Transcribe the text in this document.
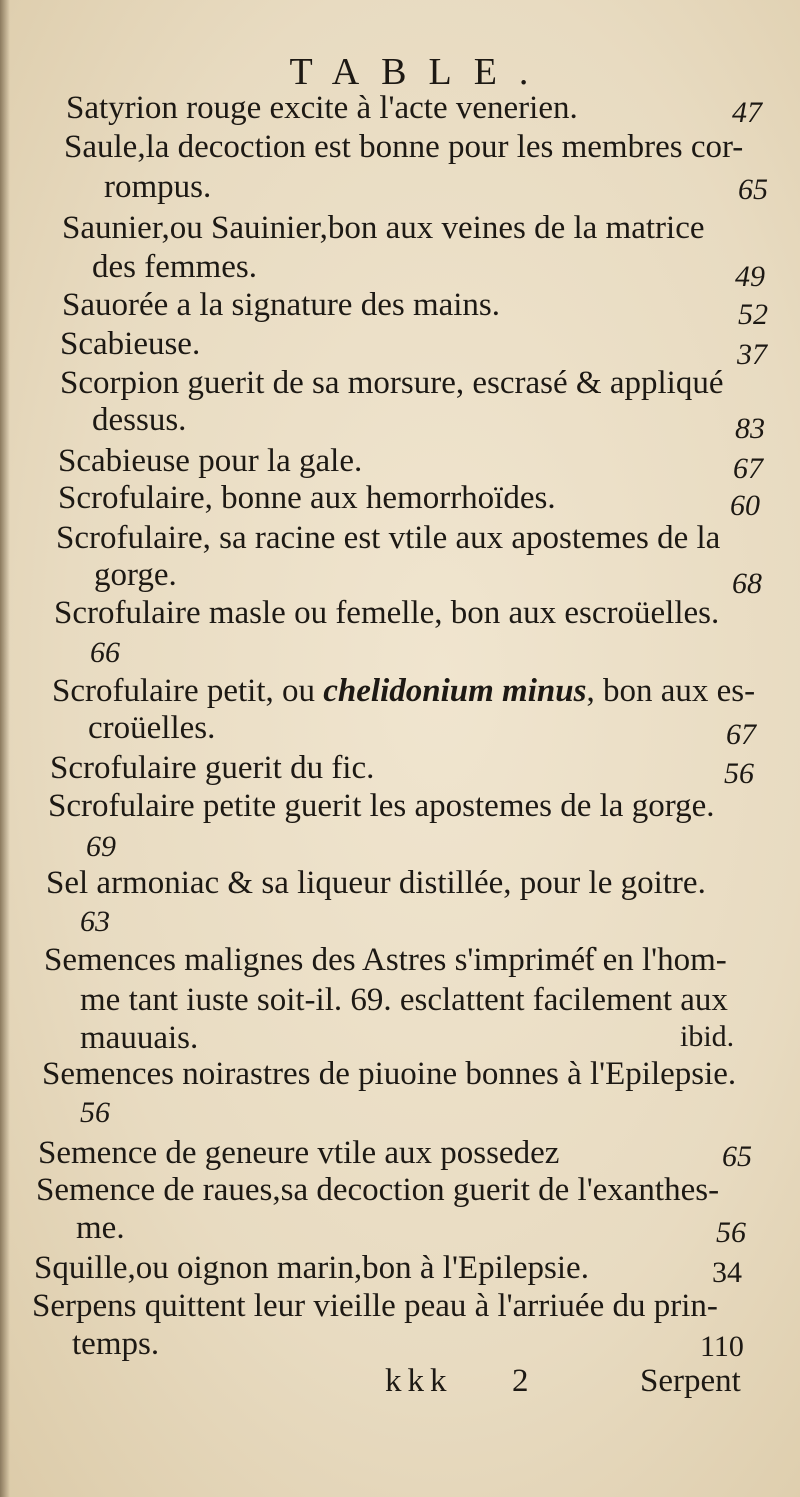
TABLE.
Satyrion rouge excite à l'acte venerien.	47
Saule,la decoction est bonne pour les membres cor-
rompus.	65
Saunier,ou Sauinier,bon aux veines de la matrice
des femmes.	49
Sauorée a la signature des mains.	52
Scabieuse.	37
Scorpion guerit de sa morsure, escrasé & appliqué
dessus.	83
Scabieuse pour la gale.	67
Scrofulaire, bonne aux hemorrhoïdes.	60
Scrofulaire, sa racine est vtile aux apostemes de la
gorge.	68
Scrofulaire masle ou femelle, bon aux escroüelles.
66
Scrofulaire petit, ou chelidonium minus, bon aux es-
croüelles.	67
Scrofulaire guerit du fic.	56
Scrofulaire petite guerit les apostemes de la gorge.
69
Sel armoniac & sa liqueur distillée, pour le goitre.
63
Semences malignes des Astres s'impriméƭ en l'hom-
me tant iuste soit-il. 69. esclattent facilement aux
mauuais.	ibid.
Semences noirastres de piuoine bonnes à l'Epilepsie.
56
Semence de geneure vtile aux possedez	65
Semence de raues,sa decoction guerit de l'exanthes-
me.	56
Squille,ou oignon marin,bon à l'Epilepsie.	34
Serpens quittent leur vieille peau à l'arriuée du prin-
temps.	110
kkk 2	Serpent
